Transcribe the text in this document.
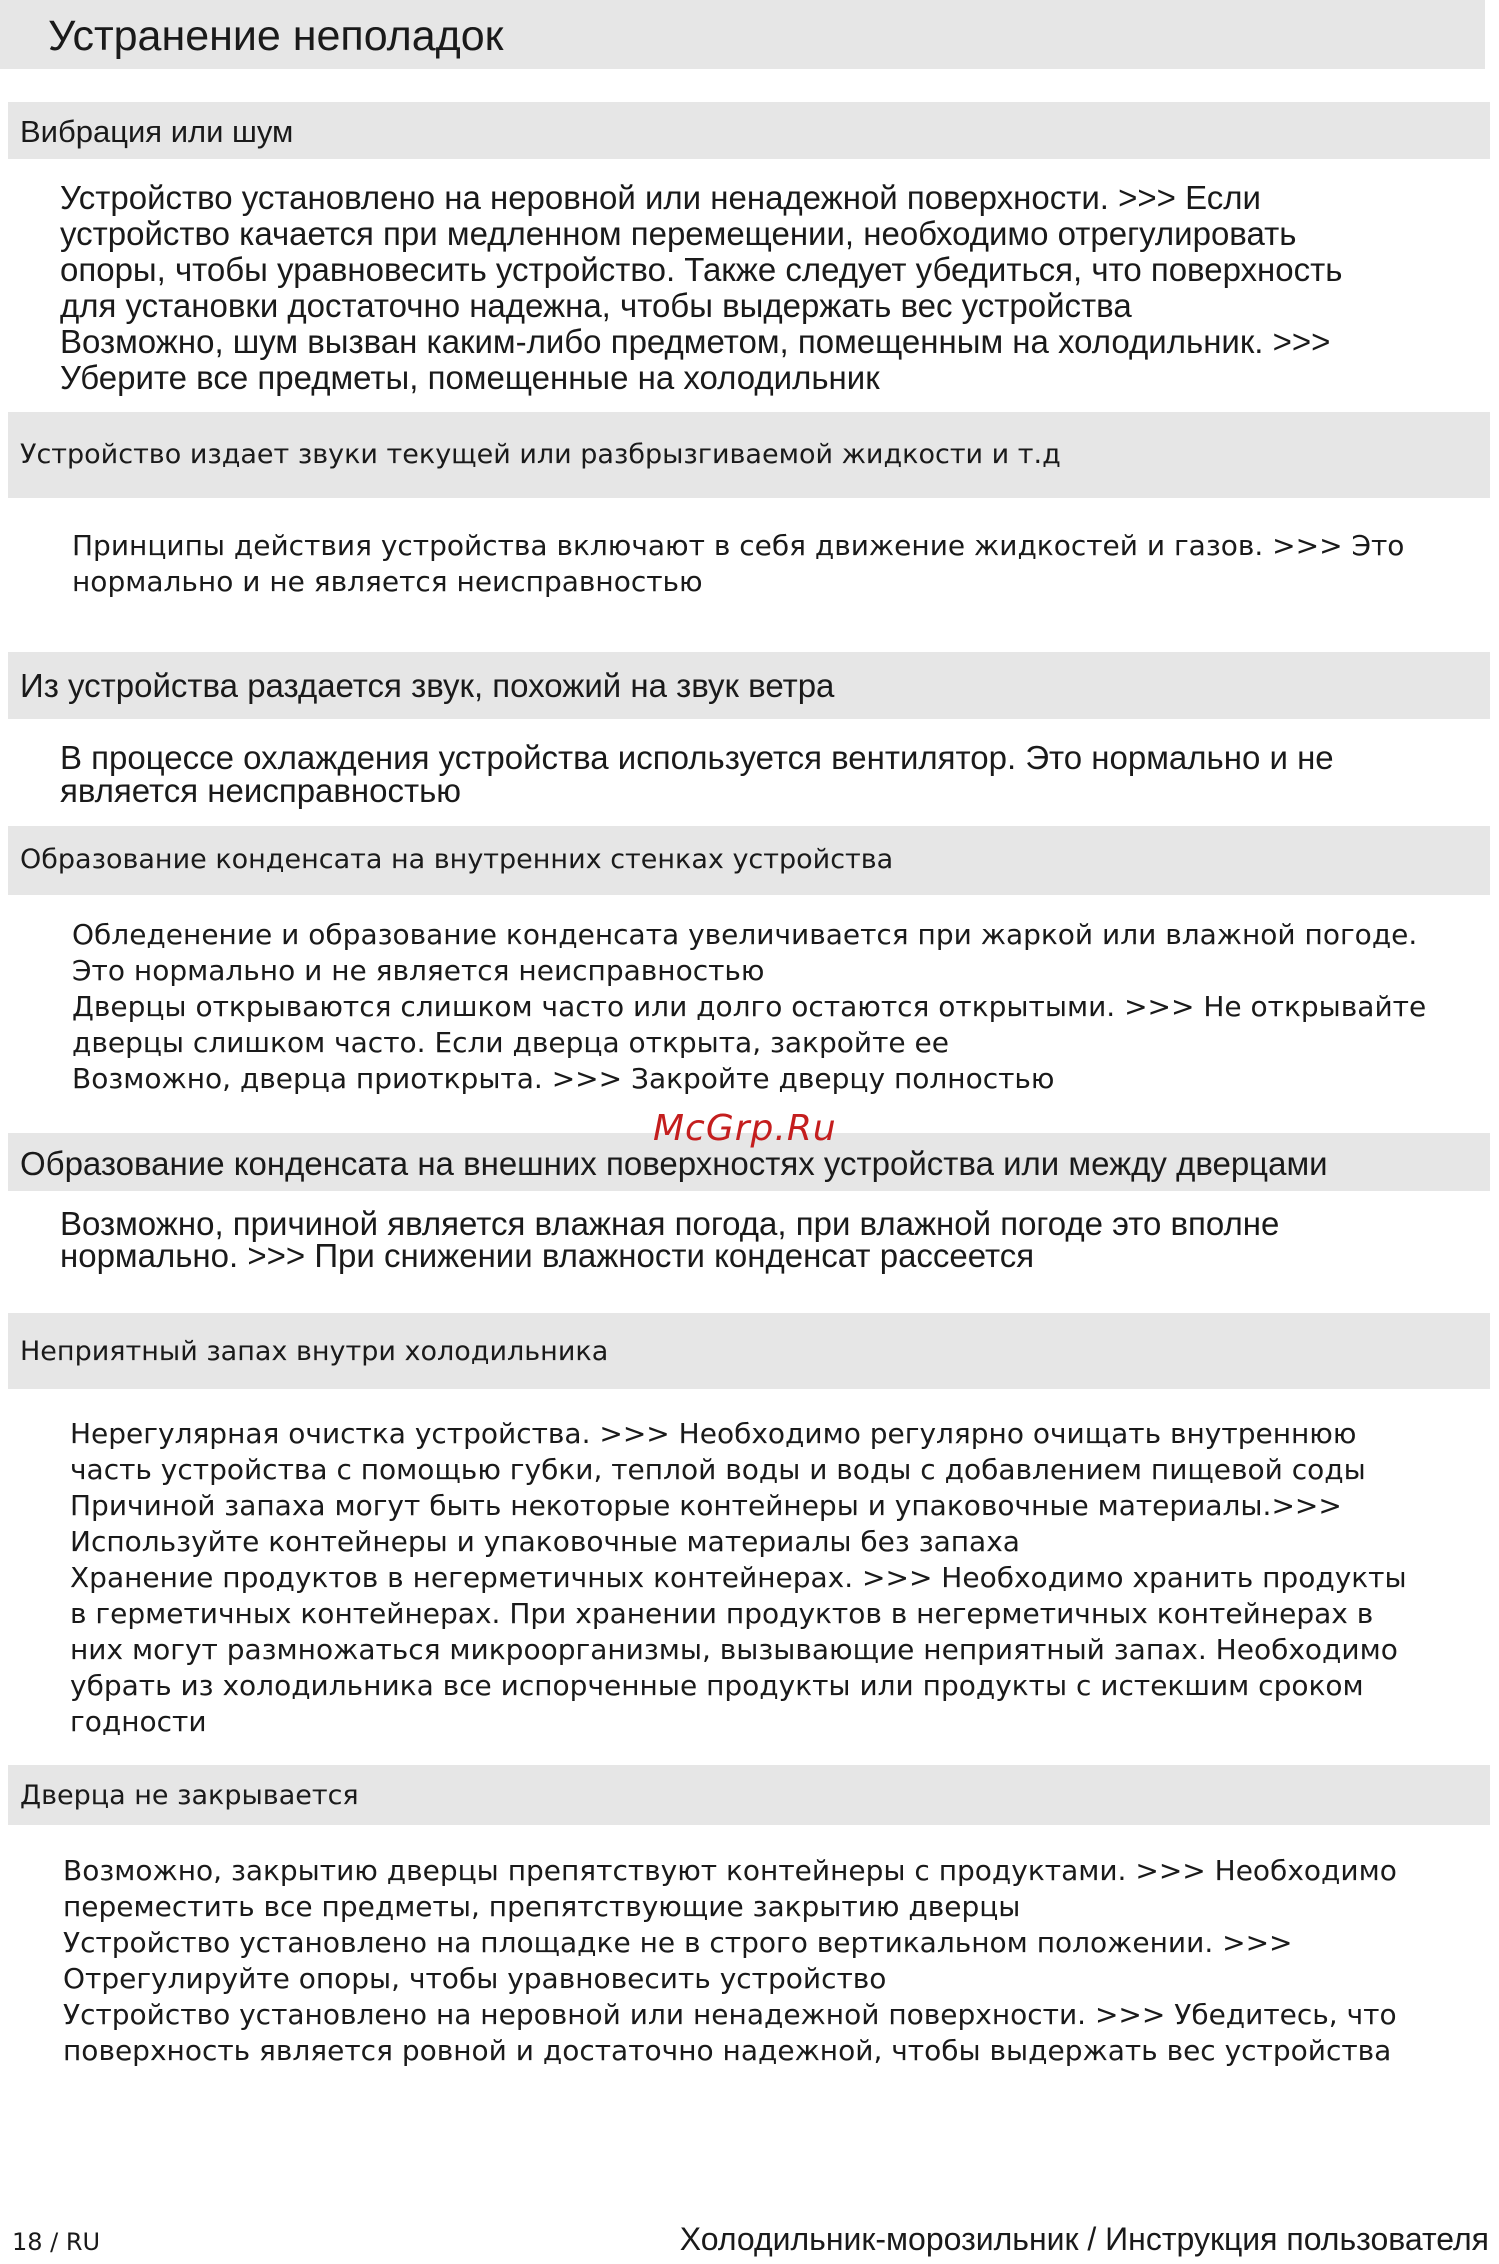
Устранение неполадок
Вибрация или шум
Устройство установлено на неровной или ненадежной поверхности. >>> Если
устройство качается при медленном перемещении, необходимо отрегулировать
опоры, чтобы уравновесить устройство. Также следует убедиться, что поверхность
для установки достаточно надежна, чтобы выдержать вес устройства
Возможно, шум вызван каким-либо предметом, помещенным на холодильник. >>>
Уберите все предметы, помещенные на холодильник
Устройство издает звуки текущей или разбрызгиваемой жидкости и т.д
Принципы действия устройства включают в себя движение жидкостей и газов. >>> Это
нормально и не является неисправностью
Из устройства раздается звук, похожий на звук ветра
В процессе охлаждения устройства используется вентилятор. Это нормально и не
является неисправностью
Образование конденсата на внутренних стенках устройства
Обледенение и образование конденсата увеличивается при жаркой или влажной погоде.
Это нормально и не является неисправностью
Дверцы открываются слишком часто или долго остаются открытыми. >>> Не открывайте
дверцы слишком часто. Если дверца открыта, закройте ее
Возможно, дверца приоткрыта. >>> Закройте дверцу полностью
Образование конденсата на внешних поверхностях устройства или между дверцами
Возможно, причиной является влажная погода, при влажной погоде это вполне
нормально. >>> При снижении влажности конденсат рассеется
Неприятный запах внутри холодильника
Нерегулярная очистка устройства. >>> Необходимо регулярно очищать внутреннюю
часть устройства с помощью губки, теплой воды и воды с добавлением пищевой соды
Причиной запаха могут быть некоторые контейнеры и упаковочные материалы.>>>
Используйте контейнеры и упаковочные материалы без запаха
Хранение продуктов в негерметичных контейнерах. >>> Необходимо хранить продукты
в герметичных контейнерах. При хранении продуктов в негерметичных контейнерах в
них могут размножаться микроорганизмы, вызывающие неприятный запах. Необходимо
убрать из холодильника все испорченные продукты или продукты с истекшим сроком
годности
Дверца не закрывается
Возможно, закрытию дверцы препятствуют контейнеры с продуктами. >>> Необходимо
переместить все предметы, препятствующие закрытию дверцы
Устройство установлено на площадке не в строго вертикальном положении. >>>
Отрегулируйте опоры, чтобы уравновесить устройство
Устройство установлено на неровной или ненадежной поверхности. >>> Убедитесь, что
поверхность является ровной и достаточно надежной, чтобы выдержать вес устройства
McGrp.Ru
18 / RU	Холодильник-морозильник / Инструкция пользователя
